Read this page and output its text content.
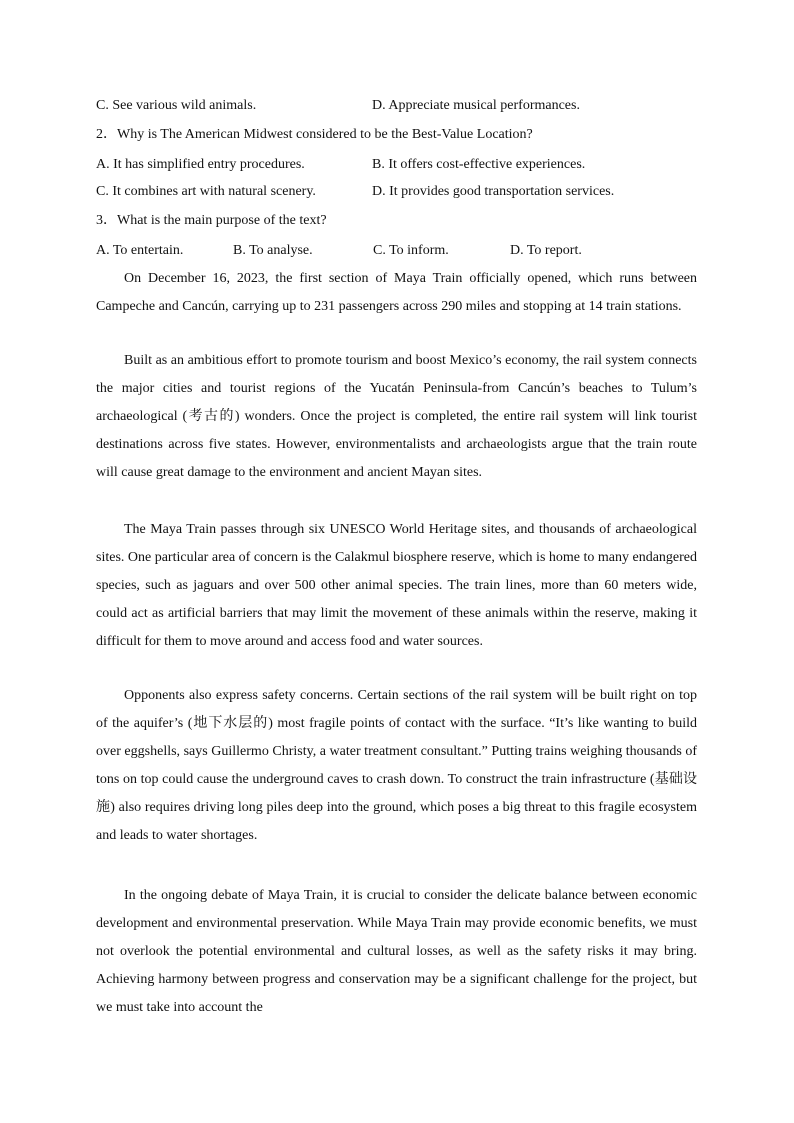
C. See various wild animals.	D. Appreciate musical performances.
2．Why is The American Midwest considered to be the Best-Value Location?
A. It has simplified entry procedures.	B. It offers cost-effective experiences.
C. It combines art with natural scenery.	D. It provides good transportation services.
3．What is the main purpose of the text?
A. To entertain.	B. To analyse.	C. To inform.	D. To report.

On December 16, 2023, the first section of Maya Train officially opened, which runs between Campeche and Cancún, carrying up to 231 passengers across 290 miles and stopping at 14 train stations.

Built as an ambitious effort to promote tourism and boost Mexico’s economy, the rail system connects the major cities and tourist regions of the Yucatán Peninsula-from Cancún’s beaches to Tulum’s archaeological (考古的) wonders. Once the project is completed, the entire rail system will link tourist destinations across five states. However, environmentalists and archaeologists argue that the train route will cause great damage to the environment and ancient Mayan sites.

The Maya Train passes through six UNESCO World Heritage sites, and thousands of archaeological sites. One particular area of concern is the Calakmul biosphere reserve, which is home to many endangered species, such as jaguars and over 500 other animal species. The train lines, more than 60 meters wide, could act as artificial barriers that may limit the movement of these animals within the reserve, making it difficult for them to move around and access food and water sources.

Opponents also express safety concerns. Certain sections of the rail system will be built right on top of the aquifer’s (地下水层的) most fragile points of contact with the surface. “It’s like wanting to build over eggshells, says Guillermo Christy, a water treatment consultant.” Putting trains weighing thousands of tons on top could cause the underground caves to crash down. To construct the train infrastructure (基础设施) also requires driving long piles deep into the ground, which poses a big threat to this fragile ecosystem and leads to water shortages.

In the ongoing debate of Maya Train, it is crucial to consider the delicate balance between economic development and environmental preservation. While Maya Train may provide economic benefits, we must not overlook the potential environmental and cultural losses, as well as the safety risks it may bring. Achieving harmony between progress and conservation may be a significant challenge for the project, but we must take into account the
